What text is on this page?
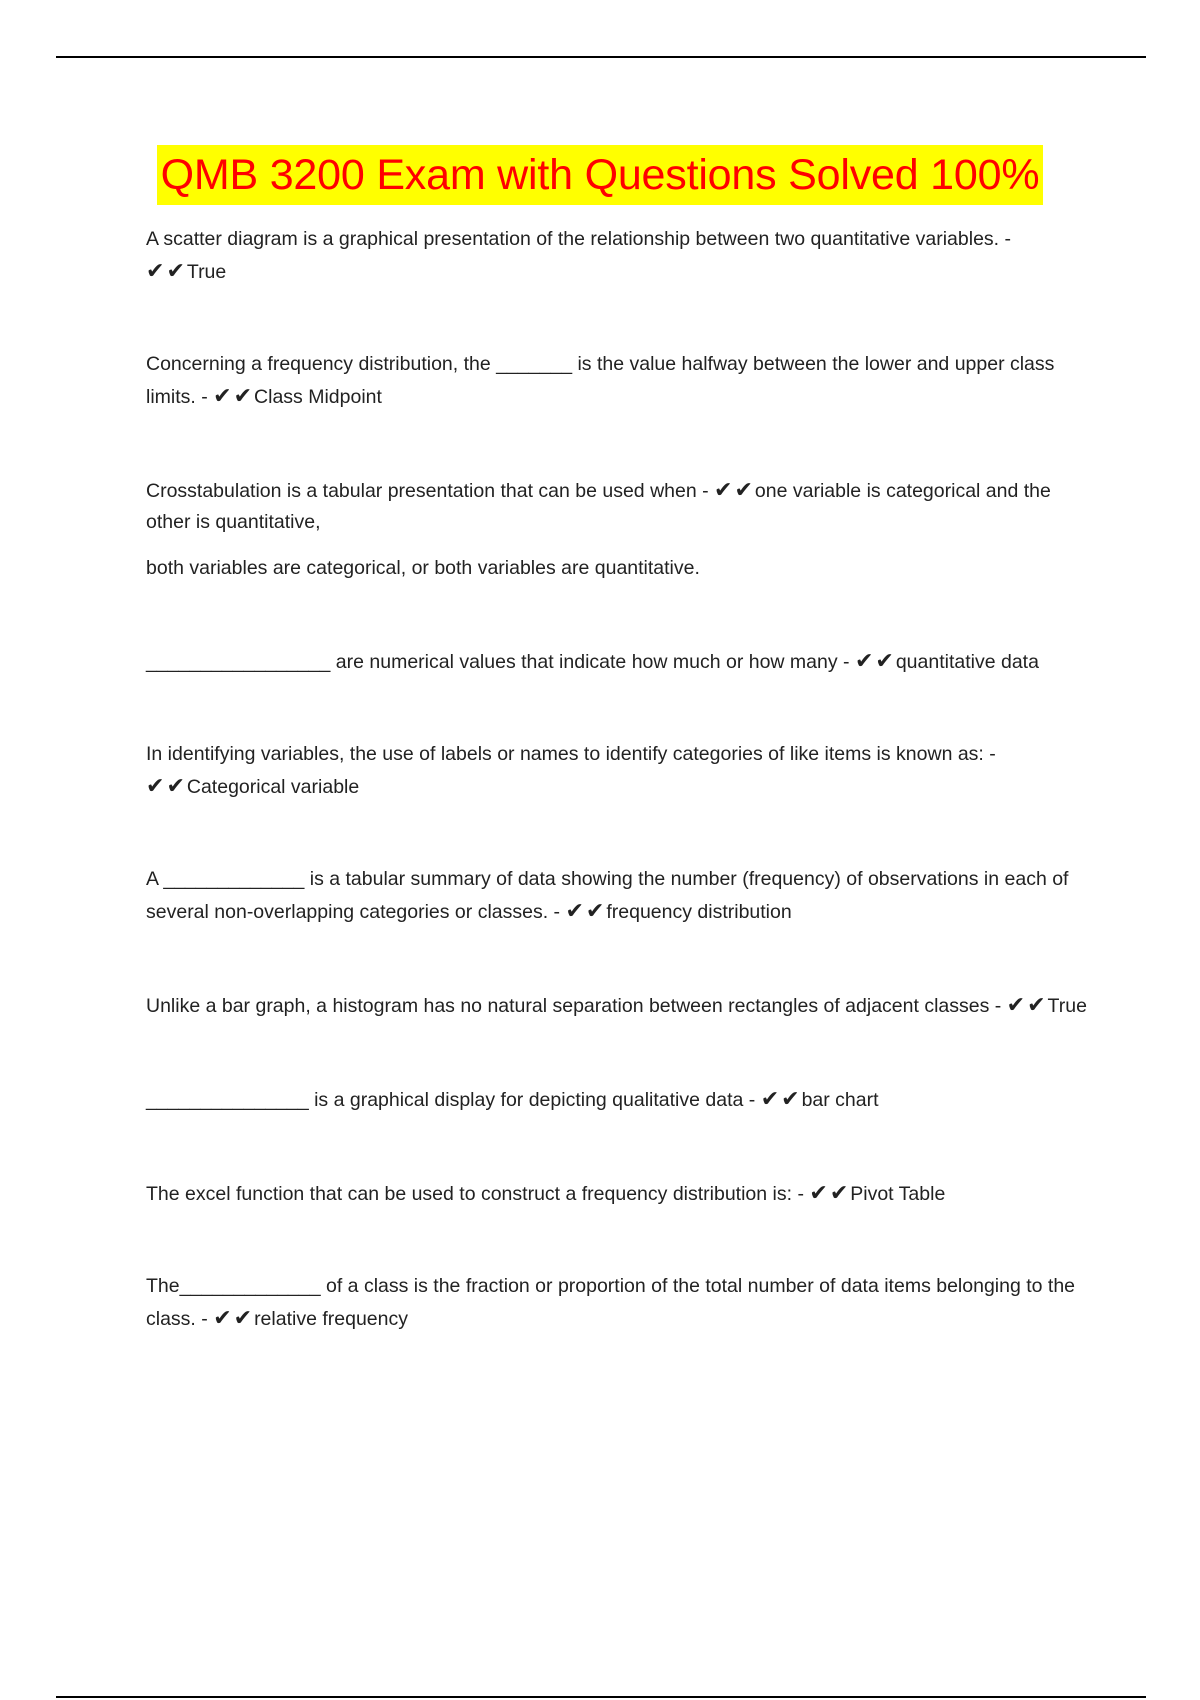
QMB 3200 Exam with Questions Solved 100%

A scatter diagram is a graphical presentation of the relationship between two quantitative variables. - ✔✔ True

Concerning a frequency distribution, the _______ is the value halfway between the lower and upper class limits. - ✔✔ Class Midpoint

Crosstabulation is a tabular presentation that can be used when - ✔✔ one variable is categorical and the other is quantitative,
both variables are categorical, or both variables are quantitative.

_________________ are numerical values that indicate how much or how many - ✔✔ quantitative data

In identifying variables, the use of labels or names to identify categories of like items is known as: - ✔✔ Categorical variable

A _____________ is a tabular summary of data showing the number (frequency) of observations in each of several non-overlapping categories or classes. - ✔✔ frequency distribution

Unlike a bar graph, a histogram has no natural separation between rectangles of adjacent classes - ✔✔ True

_______________ is a graphical display for depicting qualitative data - ✔✔ bar chart

The excel function that can be used to construct a frequency distribution is: - ✔✔ Pivot Table

The_____________ of a class is the fraction or proportion of the total number of data items belonging to the class. - ✔✔ relative frequency
